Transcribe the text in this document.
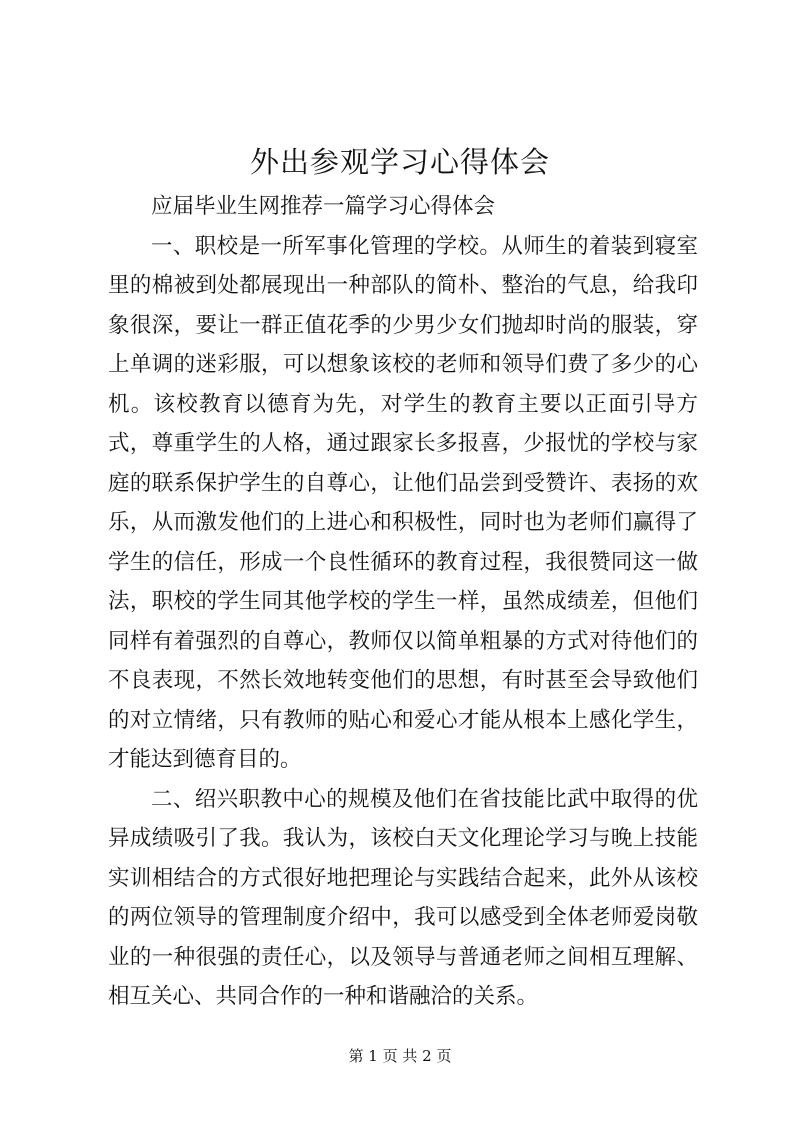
外出参观学习心得体会

应届毕业生网推荐一篇学习心得体会

一、职校是一所军事化管理的学校。从师生的着装到寝室里的棉被到处都展现出一种部队的简朴、整治的气息，给我印象很深，要让一群正值花季的少男少女们抛却时尚的服装，穿上单调的迷彩服，可以想象该校的老师和领导们费了多少的心机。该校教育以德育为先，对学生的教育主要以正面引导方式，尊重学生的人格，通过跟家长多报喜，少报忧的学校与家庭的联系保护学生的自尊心，让他们品尝到受赞许、表扬的欢乐，从而激发他们的上进心和积极性，同时也为老师们赢得了学生的信任，形成一个良性循环的教育过程，我很赞同这一做法，职校的学生同其他学校的学生一样，虽然成绩差，但他们同样有着强烈的自尊心，教师仅以简单粗暴的方式对待他们的不良表现，不然长效地转变他们的思想，有时甚至会导致他们的对立情绪，只有教师的贴心和爱心才能从根本上感化学生，才能达到德育目的。

二、绍兴职教中心的规模及他们在省技能比武中取得的优异成绩吸引了我。我认为，该校白天文化理论学习与晚上技能实训相结合的方式很好地把理论与实践结合起来，此外从该校的两位领导的管理制度介绍中，我可以感受到全体老师爱岗敬业的一种很强的责任心，以及领导与普通老师之间相互理解、相互关心、共同合作的一种和谐融洽的关系。

第 1 页 共 2 页
